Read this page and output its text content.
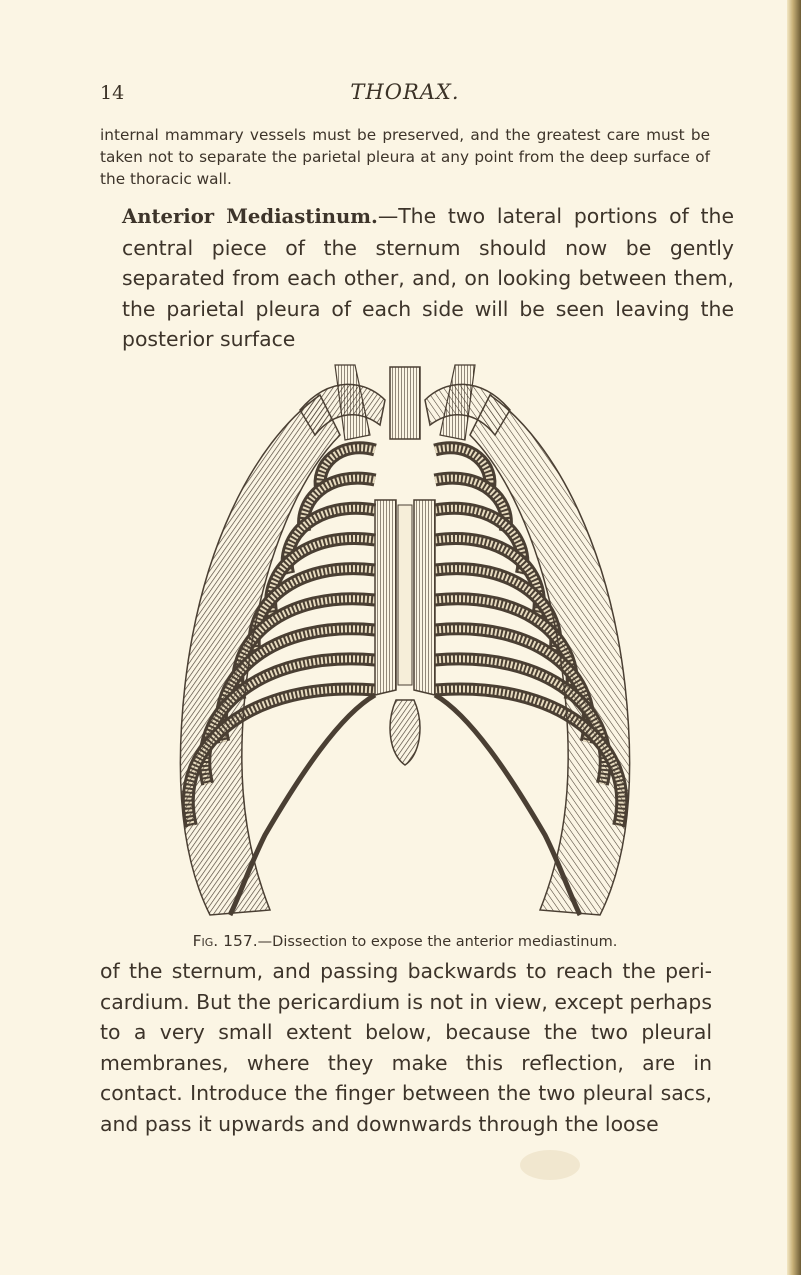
14	THORAX.
internal mammary vessels must be preserved, and the greatest care must be taken not to separate the parietal pleura at any point from the deep surface of the thoracic wall.
Anterior Mediastinum.—The two lateral portions of the central piece of the sternum should now be gently separated from each other, and, on looking between them, the parietal pleura of each side will be seen leaving the posterior surface
Fig. 157.—Dissection to expose the anterior mediastinum.
of the sternum, and passing backwards to reach the peri-cardium. But the pericardium is not in view, except perhaps to a very small extent below, because the two pleural membranes, where they make this reflection, are in contact. Introduce the finger between the two pleural sacs, and pass it upwards and downwards through the loose
